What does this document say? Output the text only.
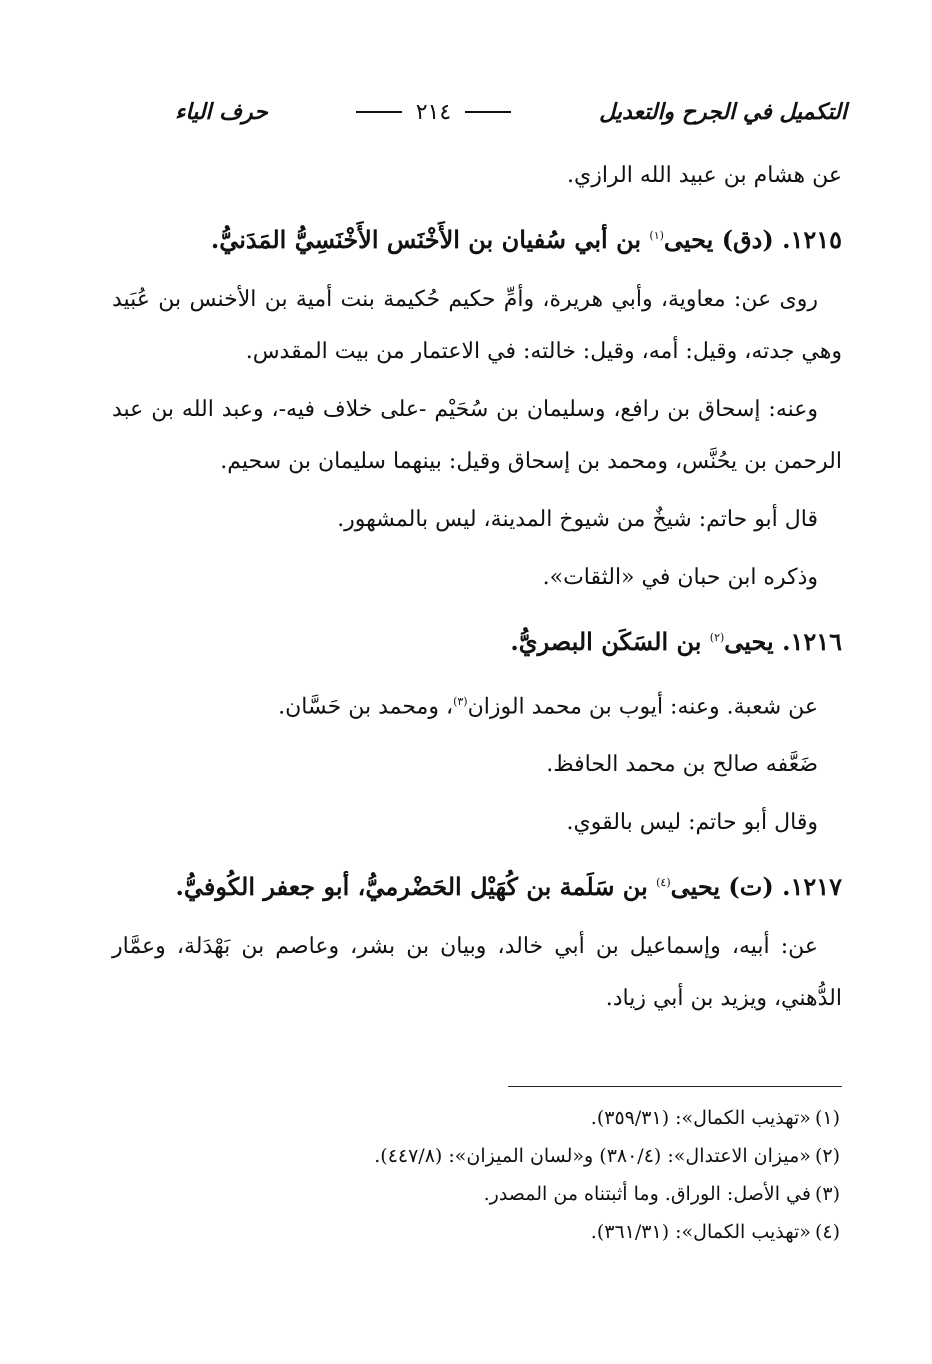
التكميل في الجرح والتعديل
٢١٤
حرف الياء

عن هشام بن عبيد الله الرازي.

١٢١٥. (دق) يحيى$^{(١)}$ بن أبي سُفيان بن الأَخْنَس الأَخْنَسِيُّ المَدَنيُّ.

روى عن: معاوية، وأبي هريرة، وأمِّ حكيم حُكيمة بنت أمية بن الأخنس بن عُبَيد وهي جدته، وقيل: أمه، وقيل: خالته: في الاعتمار من بيت المقدس.

وعنه: إسحاق بن رافع، وسليمان بن سُحَيْم -على خلاف فيه-، وعبد الله بن عبد الرحمن بن يحُنَّس، ومحمد بن إسحاق وقيل: بينهما سليمان بن سحيم.

قال أبو حاتم: شيخٌ من شيوخ المدينة، ليس بالمشهور.

وذكره ابن حبان في «الثقات».

١٢١٦. يحيى$^{(٢)}$ بن السَكَن البصريُّ.

عن شعبة. وعنه: أيوب بن محمد الوزان$^{(٣)}$، ومحمد بن حَسَّان.

ضَعَّفه صالح بن محمد الحافظ.

وقال أبو حاتم: ليس بالقوي.

١٢١٧. (ت) يحيى$^{(٤)}$ بن سَلَمة بن كُهَيْل الحَضْرميُّ، أبو جعفر الكُوفيُّ.

عن: أبيه، وإسماعيل بن أبي خالد، وبيان بن بشر، وعاصم بن بَهْدَلة، وعمَّار الدُّهني، ويزيد بن أبي زياد.

(١)«تهذيب الكمال»: (٣٥٩/٣١).

(٢)«ميزان الاعتدال»: (٣٨٠/٤) و«لسان الميزان»: (٤٤٧/٨).

(٣)في الأصل: الوراق. وما أثبتناه من المصدر.

(٤)«تهذيب الكمال»: (٣٦١/٣١).
